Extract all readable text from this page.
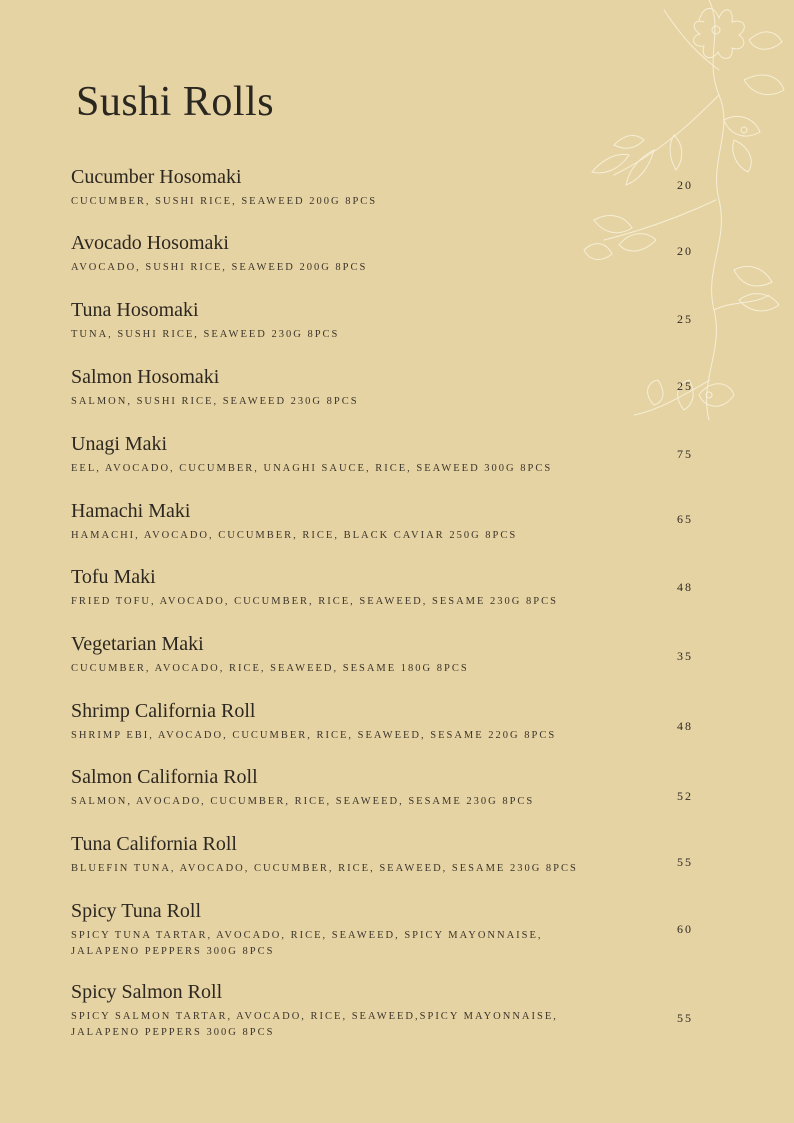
Sushi Rolls
Cucumber Hosomaki
CUCUMBER, SUSHI RICE, SEAWEED 200G 8PCS
20
Avocado Hosomaki
AVOCADO, SUSHI RICE, SEAWEED 200G 8PCS
20
Tuna Hosomaki
TUNA, SUSHI RICE, SEAWEED 230G 8PCS
25
Salmon Hosomaki
SALMON, SUSHI RICE, SEAWEED 230G 8PCS
25
Unagi Maki
EEL, AVOCADO, CUCUMBER, UNAGHI SAUCE, RICE, SEAWEED 300G 8PCS
75
Hamachi Maki
HAMACHI, AVOCADO, CUCUMBER, RICE, BLACK CAVIAR 250G 8PCS
65
Tofu Maki
FRIED TOFU, AVOCADO, CUCUMBER, RICE, SEAWEED, SESAME 230G 8PCS
48
Vegetarian Maki
CUCUMBER, AVOCADO, RICE, SEAWEED, SESAME 180G 8PCS
35
Shrimp California Roll
SHRIMP EBI, AVOCADO, CUCUMBER, RICE, SEAWEED, SESAME 220G 8PCS
48
Salmon California Roll
SALMON, AVOCADO, CUCUMBER, RICE, SEAWEED, SESAME 230G 8PCS	52
Tuna California Roll
BLUEFIN TUNA, AVOCADO, CUCUMBER, RICE, SEAWEED, SESAME 230G 8PCS	55
Spicy Tuna Roll
SPICY TUNA TARTAR, AVOCADO, RICE, SEAWEED, SPICY MAYONNAISE, JALAPENO PEPPERS 300G 8PCS
60
Spicy Salmon Roll
SPICY SALMON TARTAR, AVOCADO, RICE, SEAWEED,SPICY MAYONNAISE, JALAPENO PEPPERS 300G 8PCS
55
